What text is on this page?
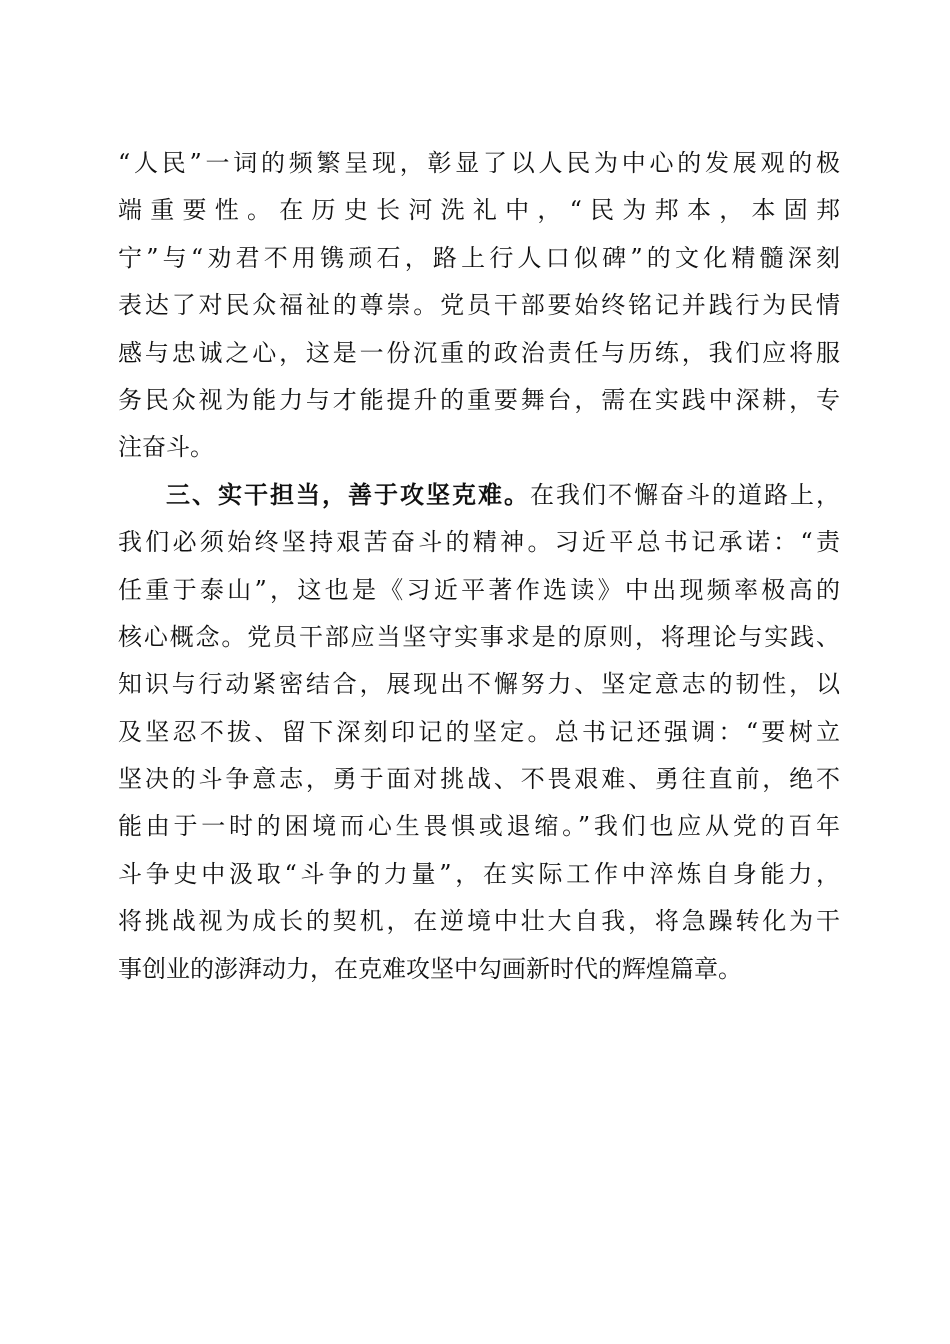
“人民”一词的频繁呈现，彰显了以人民为中心的发展观的极
端重要性。在历史长河洗礼中，“民为邦本，本固邦
宁”与“劝君不用镌顽石，路上行人口似碑”的文化精髓深刻
表达了对民众福祉的尊崇。党员干部要始终铭记并践行为民情
感与忠诚之心，这是一份沉重的政治责任与历练，我们应将服
务民众视为能力与才能提升的重要舞台，需在实践中深耕，专
注奋斗。
三、实干担当，善于攻坚克难。在我们不懈奋斗的道路上，
我们必须始终坚持艰苦奋斗的精神。习近平总书记承诺：“责
任重于泰山”，这也是《习近平著作选读》中出现频率极高的
核心概念。党员干部应当坚守实事求是的原则，将理论与实践、
知识与行动紧密结合，展现出不懈努力、坚定意志的韧性，以
及坚忍不拔、留下深刻印记的坚定。总书记还强调：“要树立
坚决的斗争意志，勇于面对挑战、不畏艰难、勇往直前，绝不
能由于一时的困境而心生畏惧或退缩。”我们也应从党的百年
斗争史中汲取“斗争的力量”，在实际工作中淬炼自身能力，
将挑战视为成长的契机，在逆境中壮大自我，将急躁转化为干
事创业的澎湃动力，在克难攻坚中勾画新时代的辉煌篇章。
